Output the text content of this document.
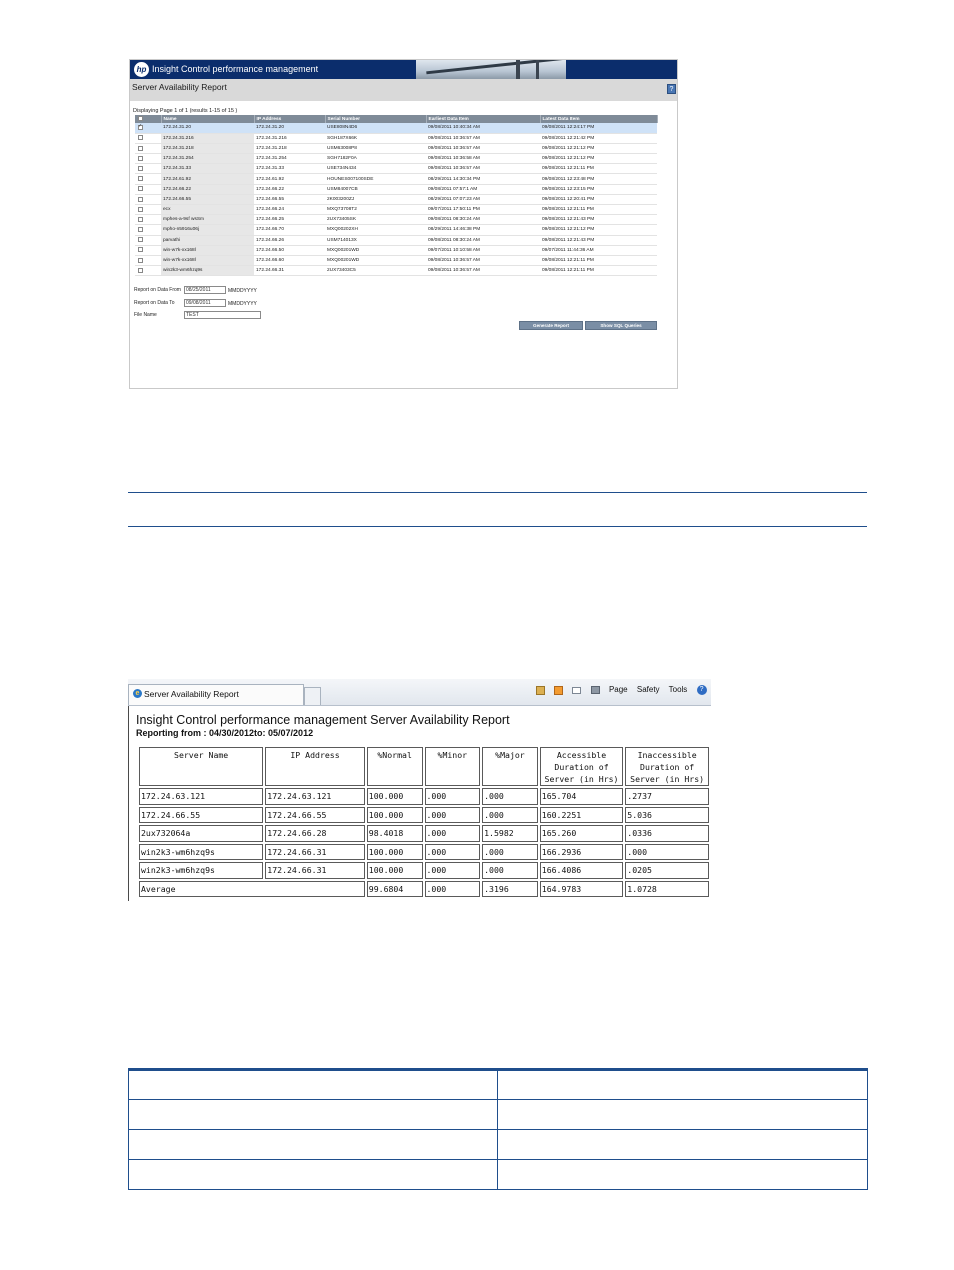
hp Insight Control performance management
Server Availability Report	?
Displaying Page 1 of 1 (results 1-15 of 15 )
	Name	IP Address	Serial Number	Earliest Data Item	Latest Data Item
✓	172.24.31.20	172.24.31.20	USE808N4D6	09/08/2011 10:40:34 AM	09/08/2011 12:24:17 PM
	172.24.31.216	172.24.31.216	SGH187X66K	09/08/2011 10:36:57 AM	09/08/2011 12:21:42 PM
	172.24.31.218	172.24.31.218	USM63008P8	09/08/2011 10:36:57 AM	09/08/2011 12:21:12 PM
	172.24.31.254	172.24.31.254	SGH7182F0A	09/08/2011 10:36:58 AM	09/08/2011 12:21:12 PM
	172.24.31.33	172.24.31.33	USE734N434	09/08/2011 10:36:57 AM	09/08/2011 12:21:11 PM
	172.24.61.92	172.24.61.92	HOUNES007100SDE	08/29/2011 14:30:34 PM	09/08/2011 12:23:48 PM
	172.24.66.22	172.24.66.22	USM84007CB	09/08/2011 07:57:1 AM	09/08/2011 12:23:15 PM
	172.24.66.55	172.24.66.55	2K003200ZJ	08/29/2011 07:07:23 AM	09/08/2011 12:20:41 PM
	ecx	172.24.66.24	MXQ73708T2	09/07/2011 17:50:11 PM	09/08/2011 12:21:11 PM
	mphes-a-9sf wsSm	172.24.66.25	2UX73405SK	09/08/2011 08:30:24 AM	09/08/2011 12:21:43 PM
	mpho-n5916u06j	172.24.66.70	MXQ00202XH	08/29/2011 14:46:38 PM	09/08/2011 12:21:12 PM
	parvathi	172.24.66.26	USM714013X	09/08/2011 08:30:24 AM	09/08/2011 12:21:43 PM
	win-w7k-xx168l	172.24.66.50	MXQ00201WD	09/07/2011 10:10:58 AM	09/07/2011 11:44:36 AM
	win-w7k-xx168l	172.24.66.60	MXQ00201WD	09/08/2011 10:36:57 AM	09/08/2011 12:21:11 PM
	win2k3-wm6hzq9s	172.24.66.31	2UX73403C5	09/08/2011 10:36:57 AM	09/08/2011 12:21:11 PM
Report on Data From	08/25/2011	MMDDYYYY
Report on Data To	09/08/2011	MMDDYYYY
File Name	TEST
Generate Report	Show SQL Queries
e Server Availability Report	Page Safety Tools ?
Insight Control performance management Server Availability Report
Reporting from : 04/30/2012to: 05/07/2012
Server Name	IP Address	%Normal	%Minor	%Major	Accessible Duration of Server (in Hrs)	Inaccessible Duration of Server (in Hrs)
172.24.63.121	172.24.63.121	100.000	.000	.000	165.704	.2737
172.24.66.55	172.24.66.55	100.000	.000	.000	160.2251	5.036
2ux732064a	172.24.66.28	98.4018	.000	1.5982	165.260	.0336
win2k3-wm6hzq9s	172.24.66.31	100.000	.000	.000	166.2936	.000
win2k3-wm6hzq9s	172.24.66.31	100.000	.000	.000	166.4086	.0205
Average		99.6804	.000	.3196	164.9783	1.0728
